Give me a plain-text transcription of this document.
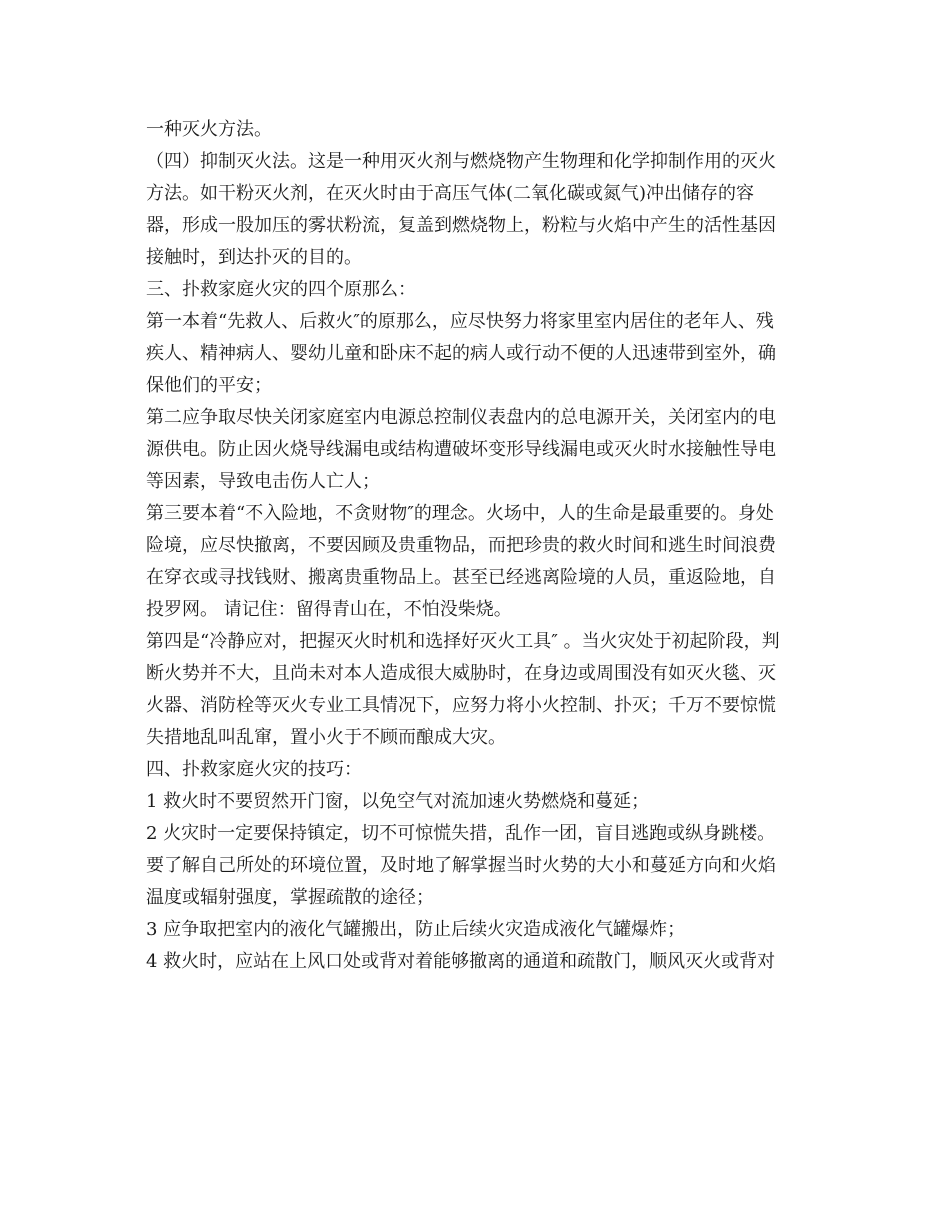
一种灭火方法。
（四）抑制灭火法。这是一种用灭火剂与燃烧物产生物理和化学抑制作用的灭火
方法。如干粉灭火剂，在灭火时由于高压气体(二氧化碳或氮气)冲出储存的容
器，形成一股加压的雾状粉流，复盖到燃烧物上，粉粒与火焰中产生的活性基因
接触时，到达扑灭的目的。
三、扑救家庭火灾的四个原那么：
第一本着“先救人、后救火″的原那么，应尽快努力将家里室内居住的老年人、残
疾人、精神病人、婴幼儿童和卧床不起的病人或行动不便的人迅速带到室外，确
保他们的平安；
第二应争取尽快关闭家庭室内电源总控制仪表盘内的总电源开关，关闭室内的电
源供电。防止因火烧导线漏电或结构遭破坏变形导线漏电或灭火时水接触性导电
等因素，导致电击伤人亡人；
第三要本着“不入险地，不贪财物″的理念。火场中，人的生命是最重要的。身处
险境，应尽快撤离，不要因顾及贵重物品，而把珍贵的救火时间和逃生时间浪费
在穿衣或寻找钱财、搬离贵重物品上。甚至已经逃离险境的人员，重返险地，自
投罗网。 请记住：留得青山在，不怕没柴烧。
第四是“冷静应对，把握灭火时机和选择好灭火工具″ 。当火灾处于初起阶段，判
断火势并不大，且尚未对本人造成很大威胁时，在身边或周围没有如灭火毯、灭
火器、消防栓等灭火专业工具情况下，应努力将小火控制、扑灭；千万不要惊慌
失措地乱叫乱窜，置小火于不顾而酿成大灾。
四、扑救家庭火灾的技巧：
1 救火时不要贸然开门窗，以免空气对流加速火势燃烧和蔓延；
2 火灾时一定要保持镇定，切不可惊慌失措，乱作一团，盲目逃跑或纵身跳楼。
要了解自己所处的环境位置，及时地了解掌握当时火势的大小和蔓延方向和火焰
温度或辐射强度，掌握疏散的途径；
3 应争取把室内的液化气罐搬出，防止后续火灾造成液化气罐爆炸；
4 救火时，应站在上风口处或背对着能够撤离的通道和疏散门，顺风灭火或背对
